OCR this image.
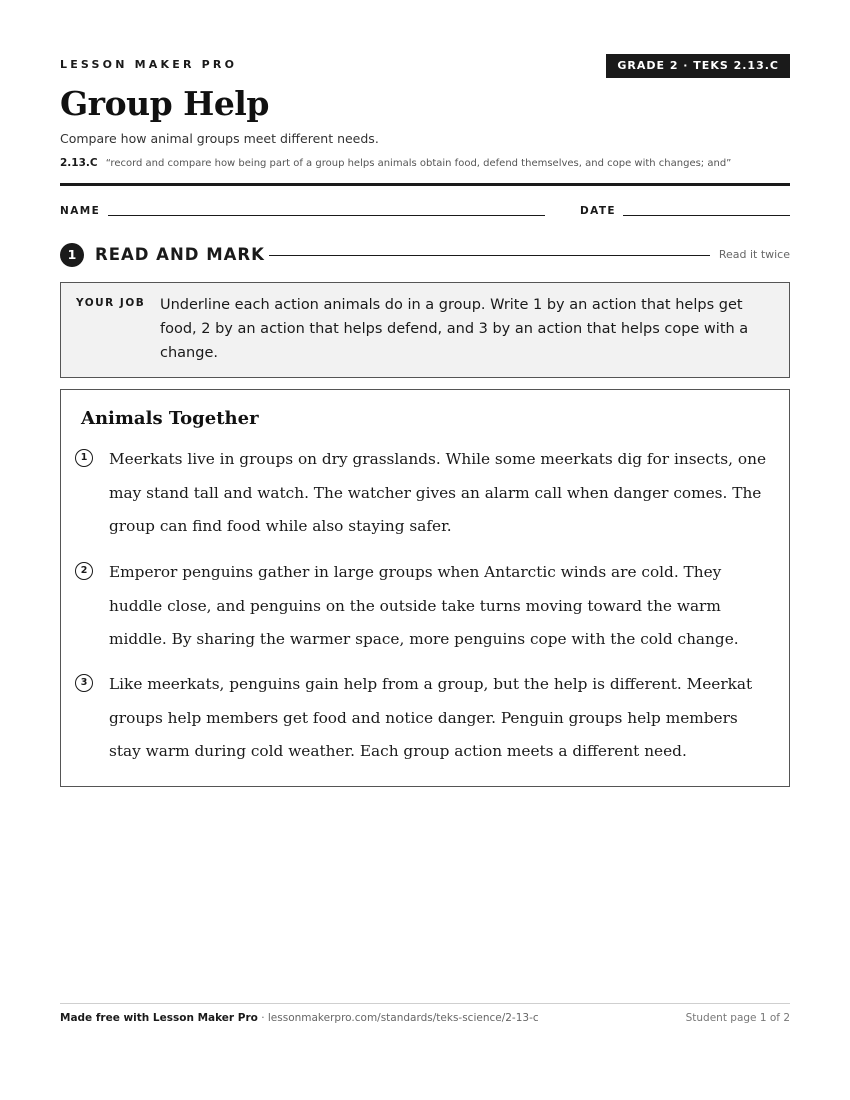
LESSON MAKER PRO	GRADE 2 · TEKS 2.13.C
Group Help
Compare how animal groups meet different needs.
2.13.C “record and compare how being part of a group helps animals obtain food, defend themselves, and cope with changes; and”
NAME	DATE
1	READ AND MARK	Read it twice
YOUR JOB Underline each action animals do in a group. Write 1 by an action that helps get food, 2 by an action that helps defend, and 3 by an action that helps cope with a change.
Animals Together
1	Meerkats live in groups on dry grasslands. While some meerkats dig for insects, one may stand tall and watch. The watcher gives an alarm call when danger comes. The group can find food while also staying safer.
2	Emperor penguins gather in large groups when Antarctic winds are cold. They huddle close, and penguins on the outside take turns moving toward the warm middle. By sharing the warmer space, more penguins cope with the cold change.
3	Like meerkats, penguins gain help from a group, but the help is different. Meerkat groups help members get food and notice danger. Penguin groups help members stay warm during cold weather. Each group action meets a different need.
Made free with Lesson Maker Pro · lessonmakerpro.com/standards/teks-science/2-13-c	Student page 1 of 2
